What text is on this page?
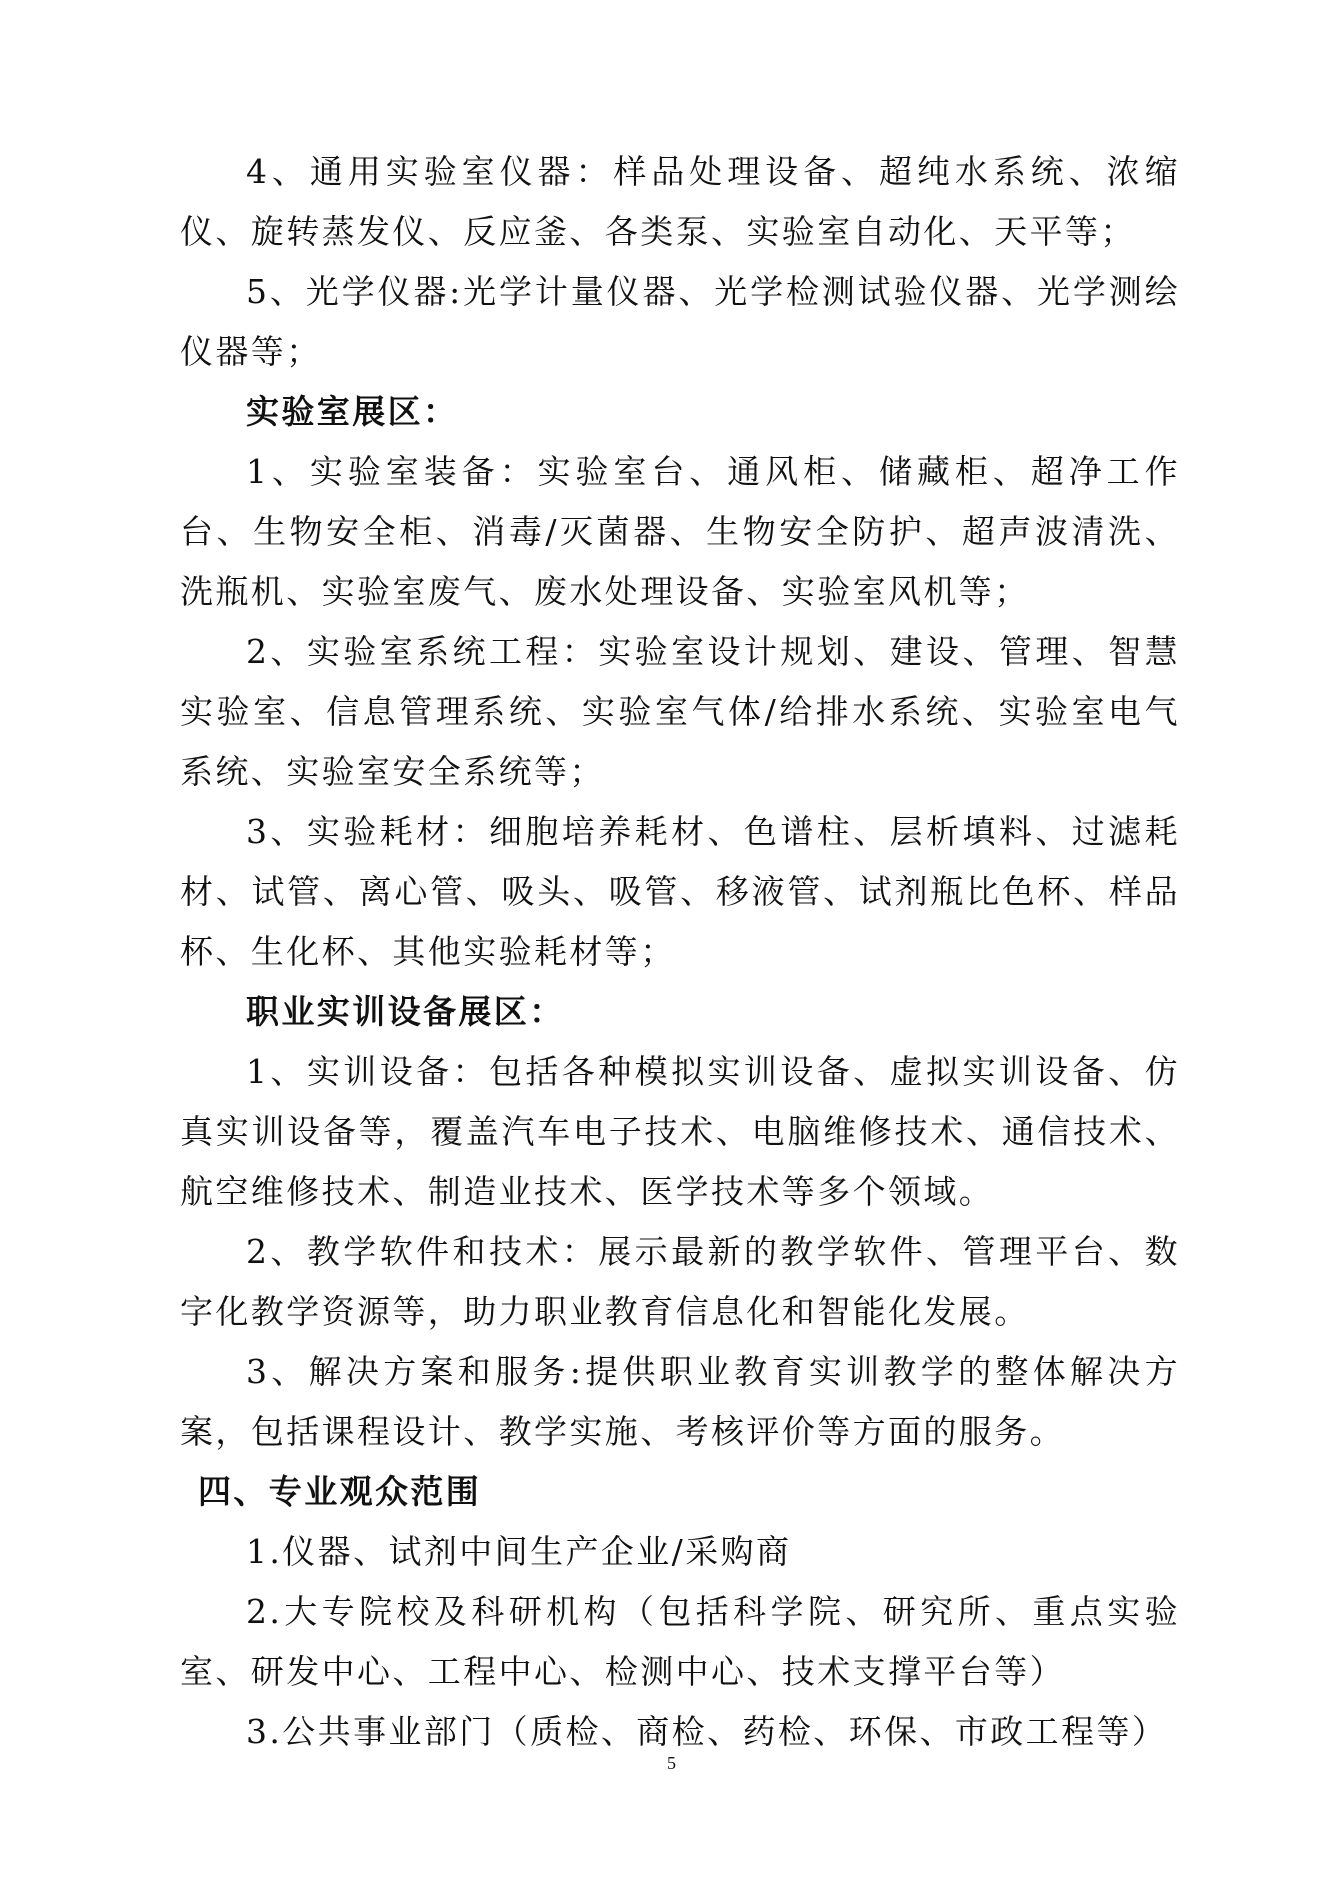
4、通用实验室仪器：样品处理设备、超纯水系统、浓缩仪、旋转蒸发仪、反应釜、各类泵、实验室自动化、天平等；

5、光学仪器:光学计量仪器、光学检测试验仪器、光学测绘仪器等；

实验室展区：

1、实验室装备：实验室台、通风柜、储藏柜、超净工作台、生物安全柜、消毒/灭菌器、生物安全防护、超声波清洗、洗瓶机、实验室废气、废水处理设备、实验室风机等；

2、实验室系统工程：实验室设计规划、建设、管理、智慧实验室、信息管理系统、实验室气体/给排水系统、实验室电气系统、实验室安全系统等；

3、实验耗材：细胞培养耗材、色谱柱、层析填料、过滤耗材、试管、离心管、吸头、吸管、移液管、试剂瓶比色杯、样品杯、生化杯、其他实验耗材等；

职业实训设备展区：

1、实训设备：包括各种模拟实训设备、虚拟实训设备、仿真实训设备等，覆盖汽车电子技术、电脑维修技术、通信技术、航空维修技术、制造业技术、医学技术等多个领域。

2、教学软件和技术：展示最新的教学软件、管理平台、数字化教学资源等，助力职业教育信息化和智能化发展。

3、解决方案和服务:提供职业教育实训教学的整体解决方案，包括课程设计、教学实施、考核评价等方面的服务。

四、专业观众范围

1.仪器、试剂中间生产企业/采购商

2.大专院校及科研机构（包括科学院、研究所、重点实验室、研发中心、工程中心、检测中心、技术支撑平台等）

3.公共事业部门（质检、商检、药检、环保、市政工程等）

5
